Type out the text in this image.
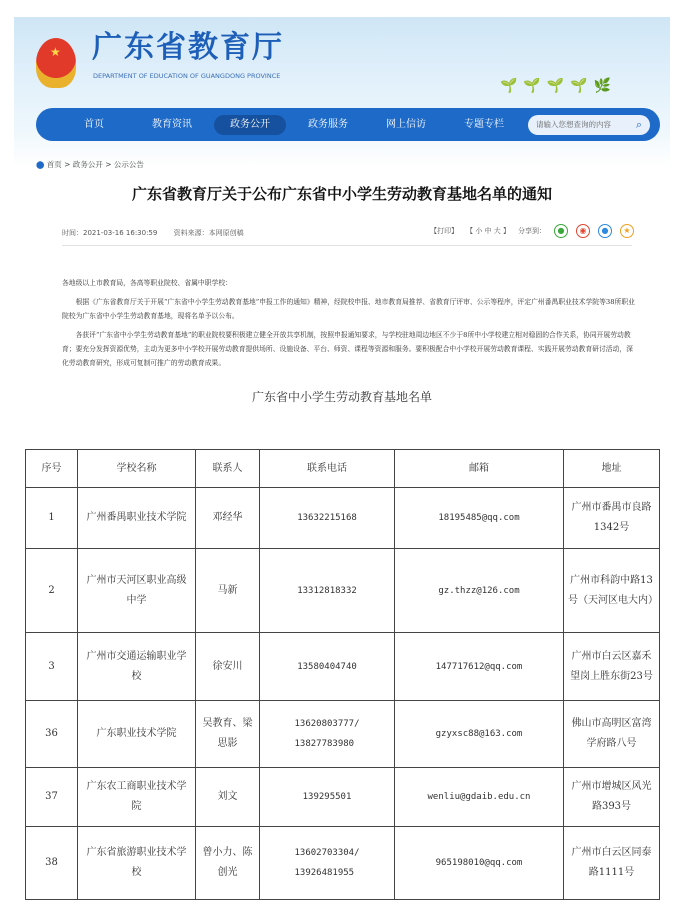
★ 广东省教育厅
DEPARTMENT OF EDUCATION OF GUANGDONG PROVINCE
🌱🌱🌱🌱🌿
首页	教育资讯	政务公开	政务服务	网上信访	专题专栏	请输入您想查询的内容 ⌕
⬤ 首页 > 政务公开 > 公示公告
广东省教育厅关于公布广东省中小学生劳动教育基地名单的通知
时间：2021-03-16 16:30:59 资料来源：本网原创稿	【打印】 【 小 中 大 】 分享到：	●	◉	●	★

各地级以上市教育局，各高等职业院校、省属中职学校：

根据《广东省教育厅关于开展“广东省中小学生劳动教育基地”申报工作的通知》精神，经院校申报、地市教育局推荐、省教育厅评审、公示等程序，评定广州番禺职业技术学院等38所职业院校为广东省中小学生劳动教育基地，现将名单予以公布。

各获评“广东省中小学生劳动教育基地”的职业院校要积极建立健全开放共享机制，按照申报通知要求，与学校驻地周边地区不少于8所中小学校建立相对稳固的合作关系，协同开展劳动教育；要充分发挥资源优势，主动为更多中小学校开展劳动教育提供场所、设施设备、平台、师资、课程等资源和服务。要积极配合中小学校开展劳动教育课程、实践开展劳动教育研讨活动，深化劳动教育研究，形成可复制可推广的劳动教育成果。

广东省中小学生劳动教育基地名单
序号	学校名称	联系人	联系电话	邮箱	地址
1	广州番禺职业技术学院	邓经华	13632215168	18195485@qq.com	广州市番禺市良路1342号
2	广州市天河区职业高级中学	马新	13312818332	gz.thzz@126.com	广州市科韵中路13号（天河区电大内）
3	广州市交通运输职业学校	徐安川	13580404740	147717612@qq.com	广州市白云区嘉禾望岗上胜东街23号
36	广东职业技术学院	吴教育、梁思影	13620803777/13827783980	gzyxsc88@163.com	佛山市高明区富湾学府路八号
37	广东农工商职业技术学院	刘文	139295501	wenliu@gdaib.edu.cn	广州市增城区风光路393号
38	广东省旅游职业技术学校	曾小力、陈创光	13602703304/13926481955	965198010@qq.com	广州市白云区同泰路1111号
